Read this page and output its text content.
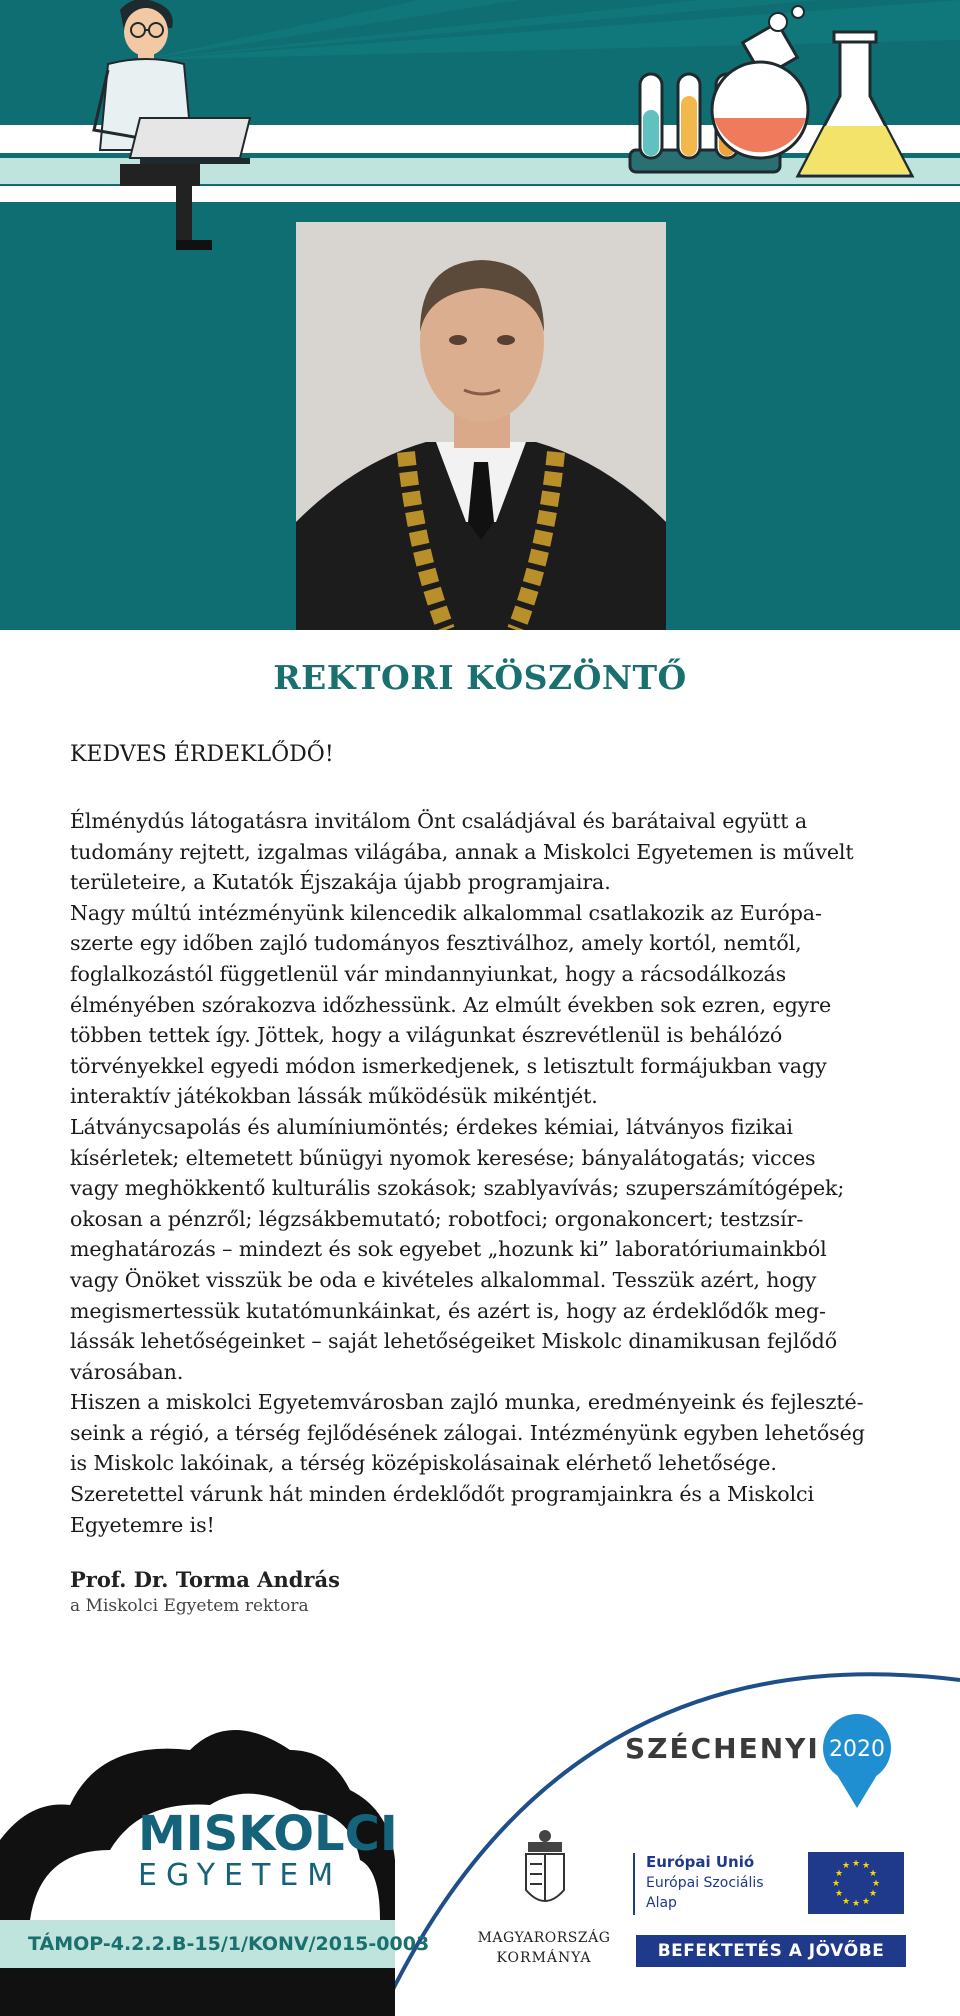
REKTORI KÖSZÖNTŐ
KEDVES ÉRDEKLŐDŐ!
Élménydús látogatásra invitálom Önt családjával és barátaival együtt a
tudomány rejtett, izgalmas világába, annak a Miskolci Egyetemen is művelt
területeire, a Kutatók Éjszakája újabb programjaira.
Nagy múltú intézményünk kilencedik alkalommal csatlakozik az Európa-
szerte egy időben zajló tudományos fesztiválhoz, amely kortól, nemtől,
foglalkozástól függetlenül vár mindannyiunkat, hogy a rácsodálkozás
élményében szórakozva időzhessünk. Az elmúlt években sok ezren, egyre
többen tettek így. Jöttek, hogy a világunkat észrevétlenül is behálózó
törvényekkel egyedi módon ismerkedjenek, s letisztult formájukban vagy
interaktív játékokban lássák működésük mikéntjét.
Látványcsapolás és alumíniumöntés; érdekes kémiai, látványos fizikai
kísérletek; eltemetett bűnügyi nyomok keresése; bányalátogatás; vicces
vagy meghökkentő kulturális szokások; szablyavívás; szuperszámítógépek;
okosan a pénzről; légzsákbemutató; robotfoci; orgonakoncert; testzsír-
meghatározás – mindezt és sok egyebet „hozunk ki” laboratóriumainkból
vagy Önöket visszük be oda e kivételes alkalommal. Tesszük azért, hogy
megismertessük kutatómunkáinkat, és azért is, hogy az érdeklődők meg-
lássák lehetőségeinket – saját lehetőségeiket Miskolc dinamikusan fejlődő
városában.
Hiszen a miskolci Egyetemvárosban zajló munka, eredményeink és fejleszté-
seink a régió, a térség fejlődésének zálogai. Intézményünk egyben lehetőség
is Miskolc lakóinak, a térség középiskolásainak elérhető lehetősége.
Szeretettel várunk hát minden érdeklődőt programjainkra és a Miskolci
Egyetemre is!
Prof. Dr. Torma András
a Miskolci Egyetem rektora
2020
★ ★
★
★
★
★
★
★
★
★
★
★
MISKOLCI
EGYETEM
TÁMOP-4.2.2.B-15/1/KONV/2015-0003
SZÉCHENYI
MAGYARORSZÁG
KORMÁNYA
Európai Unió
Európai Szociális
Alap
BEFEKTETÉS A JÖVŐBE
